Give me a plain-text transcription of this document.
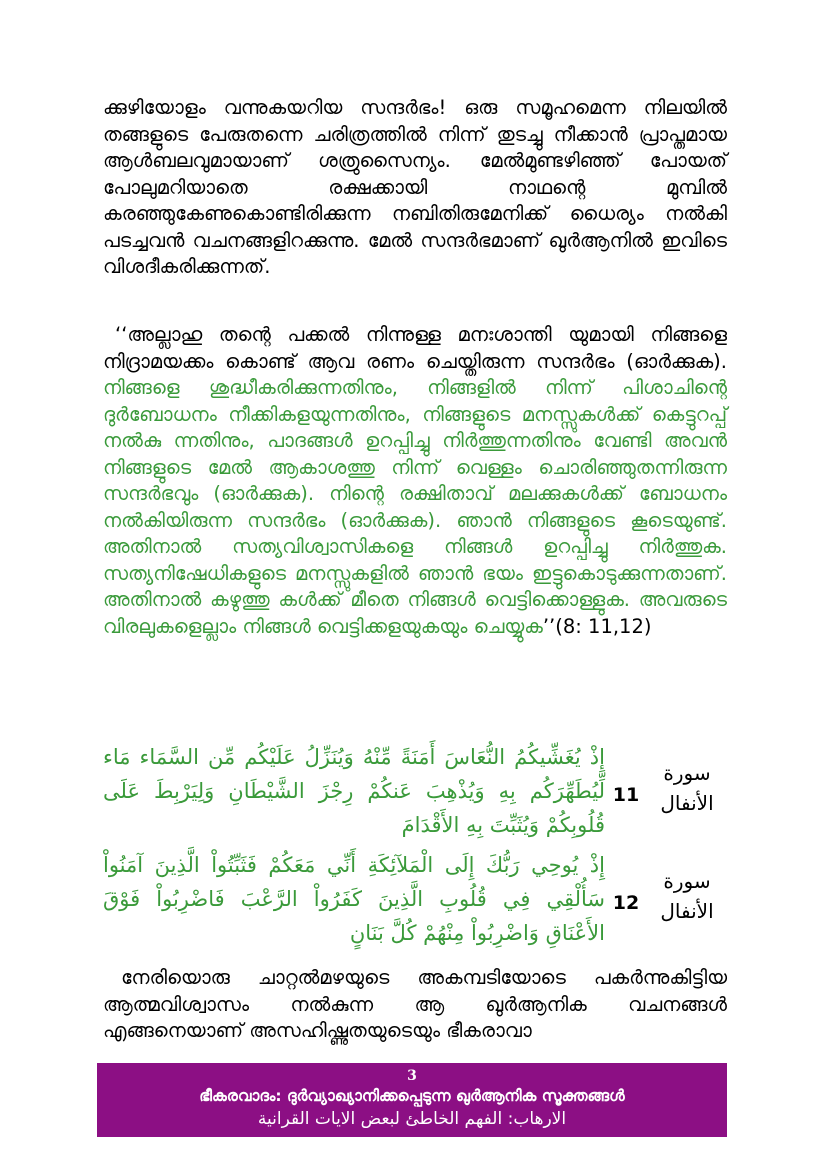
ക്കുഴിയോളം വന്നുകയറിയ സന്ദർഭം! ഒരു സമൂഹമെന്ന നിലയിൽ തങ്ങളുടെ പേരുതന്നെ ചരിത്രത്തിൽ നിന്ന് തുടച്ചു നീക്കാൻ പ്രാപ്തമായ ആൾബലവുമായാണ് ശത്രുസൈന്യം. മേൽമുണ്ടഴിഞ്ഞ് പോയത് പോലുമറിയാതെ രക്ഷക്കായി നാഥന്റെ മുമ്പിൽ കരഞ്ഞുകേണുകൊണ്ടിരിക്കുന്ന നബിതിരുമേനിക്ക് ധൈര്യം നൽകി പടച്ചവൻ വചനങ്ങളിറക്കുന്നു. മേൽ സന്ദർഭമാണ് ഖുർആനിൽ ഇവിടെ വിശദീകരിക്കുന്നത്.

‘‘അല്ലാഹു തന്റെ പക്കൽ നിന്നുള്ള മനഃശാന്തി യുമായി നിങ്ങളെ നിദ്രാമയക്കം കൊണ്ട് ആവ രണം ചെയ്തിരുന്ന സന്ദർഭം (ഓർക്കുക). നിങ്ങളെ ശുദ്ധീകരിക്കുന്നതിനും, നിങ്ങളിൽ നിന്ന് പിശാചിന്റെ ദുർബോധനം നീക്കികളയുന്നതിനും, നിങ്ങളുടെ മനസ്സുകൾക്ക് കെട്ടുറപ്പ് നൽകു ന്നതിനും, പാദങ്ങൾ ഉറപ്പിച്ചു നിർത്തുന്നതിനും വേണ്ടി അവൻ നിങ്ങളുടെ മേൽ ആകാശത്തു നിന്ന് വെള്ളം ചൊരിഞ്ഞുതന്നിരുന്ന സന്ദർഭവും (ഓർക്കുക). നിന്റെ രക്ഷിതാവ് മലക്കുകൾക്ക് ബോധനം നൽകിയിരുന്ന സന്ദർഭം (ഓർക്കുക). ഞാൻ നിങ്ങളുടെ കൂടെയുണ്ട്. അതിനാൽ സത്യവിശ്വാസികളെ നിങ്ങൾ ഉറപ്പിച്ചു നിർത്തുക. സത്യനിഷേധികളുടെ മനസ്സുകളിൽ ഞാൻ ഭയം ഇട്ടുകൊടുക്കുന്നതാണ്. അതിനാൽ കഴുത്തു കൾക്ക് മീതെ നിങ്ങൾ വെട്ടിക്കൊള്ളുക. അവരുടെ വിരലുകളെല്ലാം നിങ്ങൾ വെട്ടിക്കളയുകയും ചെയ്യുക’’(8: 11,12)

سورة الأنفال
11
إِذْ يُغَشِّيكُمُ النُّعَاسَ أَمَنَةً مِّنْهُ وَيُنَزِّلُ عَلَيْكُم مِّن السَّمَاء مَاء لِّيُطَهِّرَكُم بِهِ وَيُذْهِبَ عَنكُمْ رِجْزَ الشَّيْطَانِ وَلِيَرْبِطَ عَلَى قُلُوبِكُمْ وَيُثَبِّتَ بِهِ الأَقْدَامَ
سورة الأنفال
12
إِذْ يُوحِي رَبُّكَ إِلَى الْمَلآئِكَةِ أَنِّي مَعَكُمْ فَثَبِّتُواْ الَّذِينَ آمَنُواْ سَأُلْقِي فِي قُلُوبِ الَّذِينَ كَفَرُواْ الرَّعْبَ فَاضْرِبُواْ فَوْقَ الأَعْنَاقِ وَاضْرِبُواْ مِنْهُمْ كُلَّ بَنَانٍ

നേരിയൊരു ചാറ്റൽമഴയുടെ അകമ്പടിയോടെ പകർന്നുകിട്ടിയ ആത്മവിശ്വാസം നൽകുന്ന ആ ഖുർആനിക വചനങ്ങൾ എങ്ങനെയാണ് അസഹിഷ്ണുതയുടെയും ഭീകരാവാ

3
ഭീകരവാദം: ദുർവ്യാഖ്യാനിക്കപ്പെടുന്ന ഖുർആനിക സൂക്തങ്ങൾ
الارهاب: الفهم الخاطئ لبعض الايات القرانية
